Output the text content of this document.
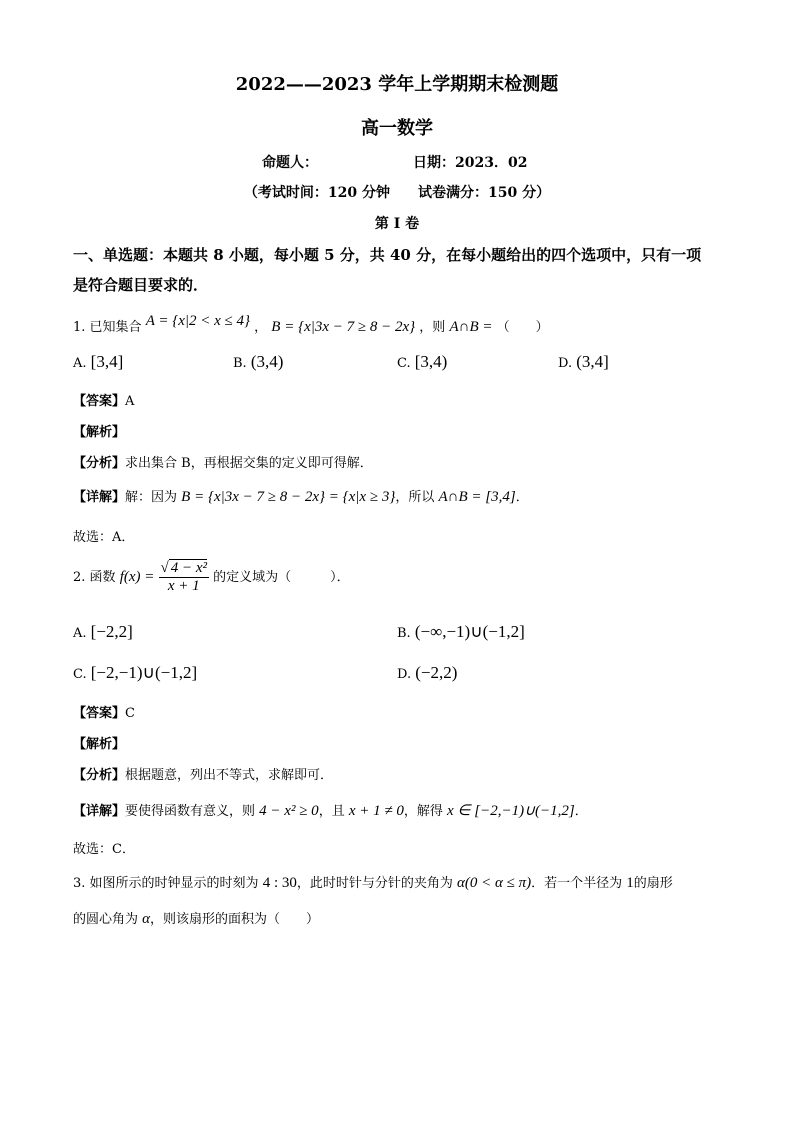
2022——2023 学年上学期期末检测题
高一数学
命题人：	日期：2023．02
（考试时间：120 分钟　　试卷满分：150 分）
第 I 卷
一、单选题：本题共 8 小题，每小题 5 分，共 40 分，在每小题给出的四个选项中，只有一项
是符合题目要求的．
1. 已知集合 A = {x|2 < x ≤ 4} ， B = {x|3x − 7 ≥ 8 − 2x} ，则 A∩B = （　　）
A. [3,4]	B. (3,4)	C. [3,4)	D. (3,4]
【答案】A
【解析】
【分析】求出集合 B，再根据交集的定义即可得解．
【详解】解：因为 B = {x|3x − 7 ≥ 8 − 2x} = {x|x ≥ 3}，所以 A∩B = [3,4]．
故选：A．
2. 函数 $f(x) = \frac{\text{√ 4 − x²}}{x + 1}$ 的定义域为（　　　）．
A. [−2,2]	B. (−∞,−1)∪(−1,2]
C. [−2,−1)∪(−1,2]	D. (−2,2)
【答案】C
【解析】
【分析】根据题意，列出不等式，求解即可．
【详解】要使得函数有意义，则 4 − x² ≥ 0，且 x + 1 ≠ 0，解得 x ∈ [−2,−1)∪(−1,2]．
故选：C．
3. 如图所示的时钟显示的时刻为 4 : 30，此时时针与分针的夹角为 α(0 < α ≤ π)．若一个半径为 1的扇形
的圆心角为 α，则该扇形的面积为（　　）
